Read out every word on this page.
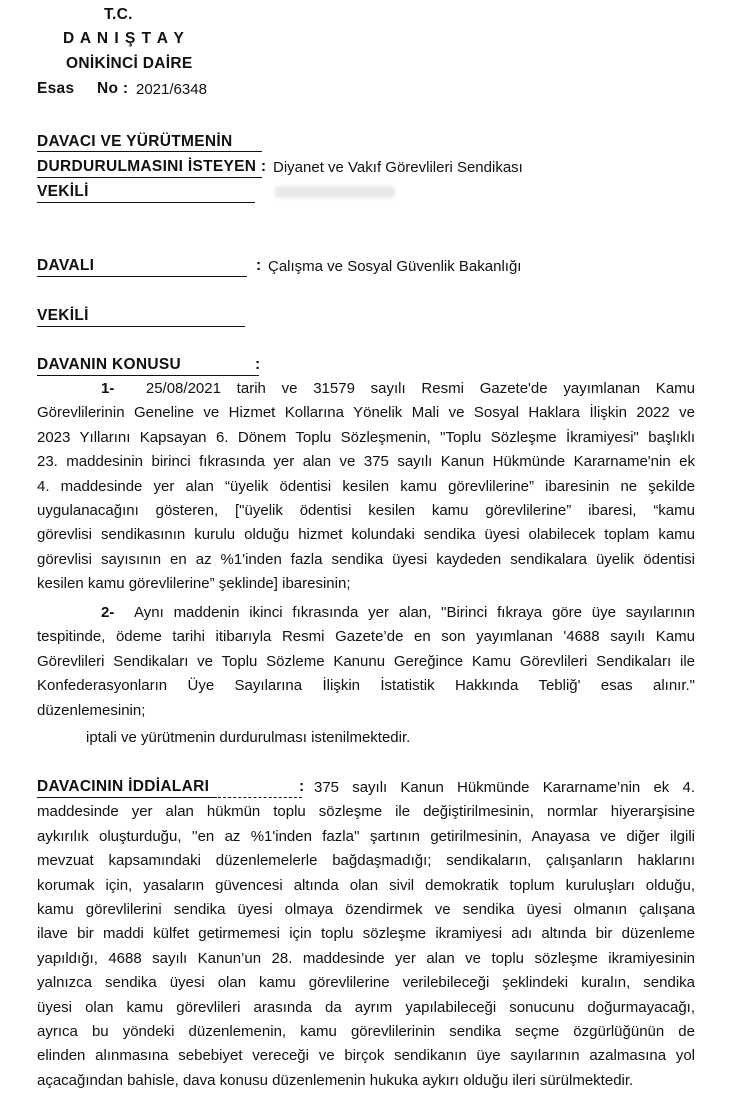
T.C.
D A N I Ş T A Y
ONİKİNCİ DAİRE
Esas No : 2021/6348
DAVACI VE YÜRÜTMENİN
DURDURULMASINI İSTEYEN : Diyanet ve Vakıf Görevlileri Sendikası
VEKİLİ
DAVALI	: Çalışma ve Sosyal Güvenlik Bakanlığı
VEKİLİ
DAVANIN KONUSU	:
1- 25/08/2021 tarih ve 31579 sayılı Resmi Gazete'de yayımlanan Kamu
Görevlilerinin Geneline ve Hizmet Kollarına Yönelik Mali ve Sosyal Haklara İlişkin 2022 ve
2023 Yıllarını Kapsayan 6. Dönem Toplu Sözleşmenin, "Toplu Sözleşme İkramiyesi" başlıklı
23. maddesinin birinci fıkrasında yer alan ve 375 sayılı Kanun Hükmünde Kararname'nin ek
4. maddesinde yer alan “üyelik ödentisi kesilen kamu görevlilerine” ibaresinin ne şekilde
uygulanacağını gösteren, ["üyelik ödentisi kesilen kamu görevlilerine” ibaresi, “kamu
görevlisi sendikasının kurulu olduğu hizmet kolundaki sendika üyesi olabilecek toplam kamu
görevlisi sayısının en az %1'inden fazla sendika üyesi kaydeden sendikalara üyelik ödentisi
kesilen kamu görevlilerine” şeklinde] ibaresinin;
2- Aynı maddenin ikinci fıkrasında yer alan, "Birinci fıkraya göre üye sayılarının
tespitinde, ödeme tarihi itibarıyla Resmi Gazete’de en son yayımlanan '4688 sayılı Kamu
Görevlileri Sendikaları ve Toplu Sözleme Kanunu Gereğince Kamu Görevlileri Sendikaları ile
Konfederasyonların Üye Sayılarına İlişkin İstatistik Hakkında Tebliğ' esas alınır."
düzenlemesinin;
iptali ve yürütmenin durdurulması istenilmektedir.
DAVACININ İDDİALARI	: 375 sayılı Kanun Hükmünde Kararname’nin ek 4.
maddesinde yer alan hükmün toplu sözleşme ile değiştirilmesinin, normlar hiyerarşisine
aykırılık oluşturduğu, ''en az %1'inden fazla'' şartının getirilmesinin, Anayasa ve diğer ilgili
mevzuat kapsamındaki düzenlemelerle bağdaşmadığı; sendikaların, çalışanların haklarını
korumak için, yasaların güvencesi altında olan sivil demokratik toplum kuruluşları olduğu,
kamu görevlilerini sendika üyesi olmaya özendirmek ve sendika üyesi olmanın çalışana
ilave bir maddi külfet getirmemesi için toplu sözleşme ikramiyesi adı altında bir düzenleme
yapıldığı, 4688 sayılı Kanun’un 28. maddesinde yer alan ve toplu sözleşme ikramiyesinin
yalnızca sendika üyesi olan kamu görevlilerine verilebileceği şeklindeki kuralın, sendika
üyesi olan kamu görevlileri arasında da ayrım yapılabileceği sonucunu doğurmayacağı,
ayrıca bu yöndeki düzenlemenin, kamu görevlilerinin sendika seçme özgürlüğünün de
elinden alınmasına sebebiyet vereceği ve birçok sendikanın üye sayılarının azalmasına yol
açacağından bahisle, dava konusu düzenlemenin hukuka aykırı olduğu ileri sürülmektedir.
